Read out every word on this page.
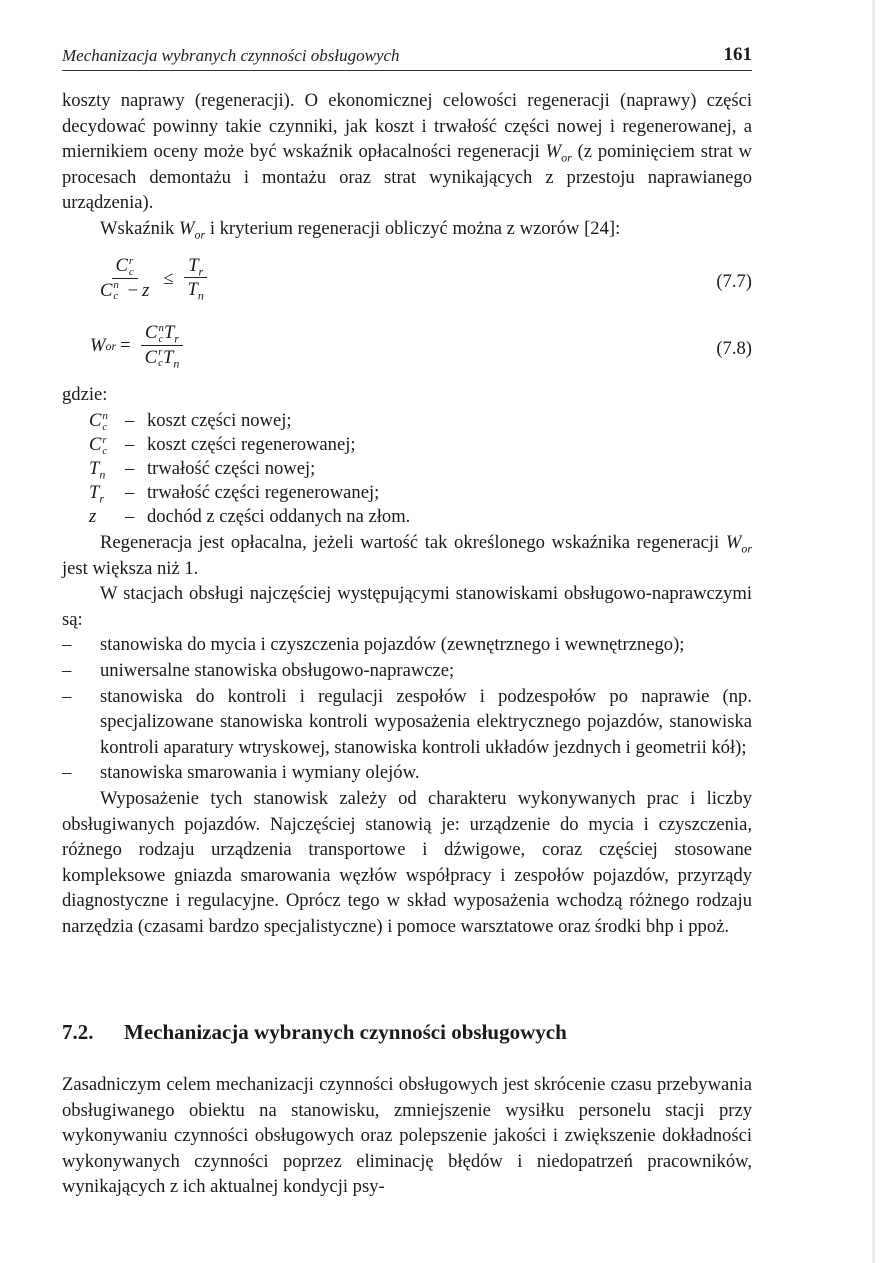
Mechanizacja wybranych czynności obsługowych	161

koszty naprawy (regeneracji). O ekonomicznej celowości regeneracji (naprawy) części decydować powinny takie czynniki, jak koszt i trwałość części nowej i regenerowanej, a miernikiem oceny może być wskaźnik opłacalności regeneracji $W_{or}$ (z pominięciem strat w procesach demontażu i montażu oraz strat wynikających z przestoju naprawianego urządzenia).

Wskaźnik $W_{or}$ i kryterium regeneracji obliczyć można z wzorów [24]:

C r
c
C n
$c - z \le \frac{T_r}{T_n}$	(7.7)
W or = C n
c $T_r$
C r
c $T_n$	(7.8)
gdzie:
C n
c – koszt części nowej;
C r
c – koszt części regenerowanej;
$T_n$	– trwałość części nowej;
$T_r$	– trwałość części regenerowanej;
z	– dochód z części oddanych na złom.

Regeneracja jest opłacalna, jeżeli wartość tak określonego wskaźnika regeneracji $W_{or}$ jest większa niż 1.

W stacjach obsługi najczęściej występującymi stanowiskami obsługowo-naprawczymi są:

–	stanowiska do mycia i czyszczenia pojazdów (zewnętrznego i wewnętrznego);
–	uniwersalne stanowiska obsługowo-naprawcze;
–	stanowiska do kontroli i regulacji zespołów i podzespołów po naprawie (np. specjalizowane stanowiska kontroli wyposażenia elektrycznego pojazdów, stanowiska kontroli aparatury wtryskowej, stanowiska kontroli układów jezdnych i geometrii kół);
–	stanowiska smarowania i wymiany olejów.

Wyposażenie tych stanowisk zależy od charakteru wykonywanych prac i liczby obsługiwanych pojazdów. Najczęściej stanowią je: urządzenie do mycia i czyszczenia, różnego rodzaju urządzenia transportowe i dźwigowe, coraz częściej stosowane kompleksowe gniazda smarowania węzłów współpracy i zespołów pojazdów, przyrządy diagnostyczne i regulacyjne. Oprócz tego w skład wyposażenia wchodzą różnego rodzaju narzędzia (czasami bardzo specjalistyczne) i pomoce warsztatowe oraz środki bhp i ppoż.

7.2. Mechanizacja wybranych czynności obsługowych

Zasadniczym celem mechanizacji czynności obsługowych jest skrócenie czasu przebywania obsługiwanego obiektu na stanowisku, zmniejszenie wysiłku personelu stacji przy wykonywaniu czynności obsługowych oraz polepszenie jakości i zwiększenie dokładności wykonywanych czynności poprzez eliminację błędów i niedopatrzeń pracowników, wynikających z ich aktualnej kondycji psy-
